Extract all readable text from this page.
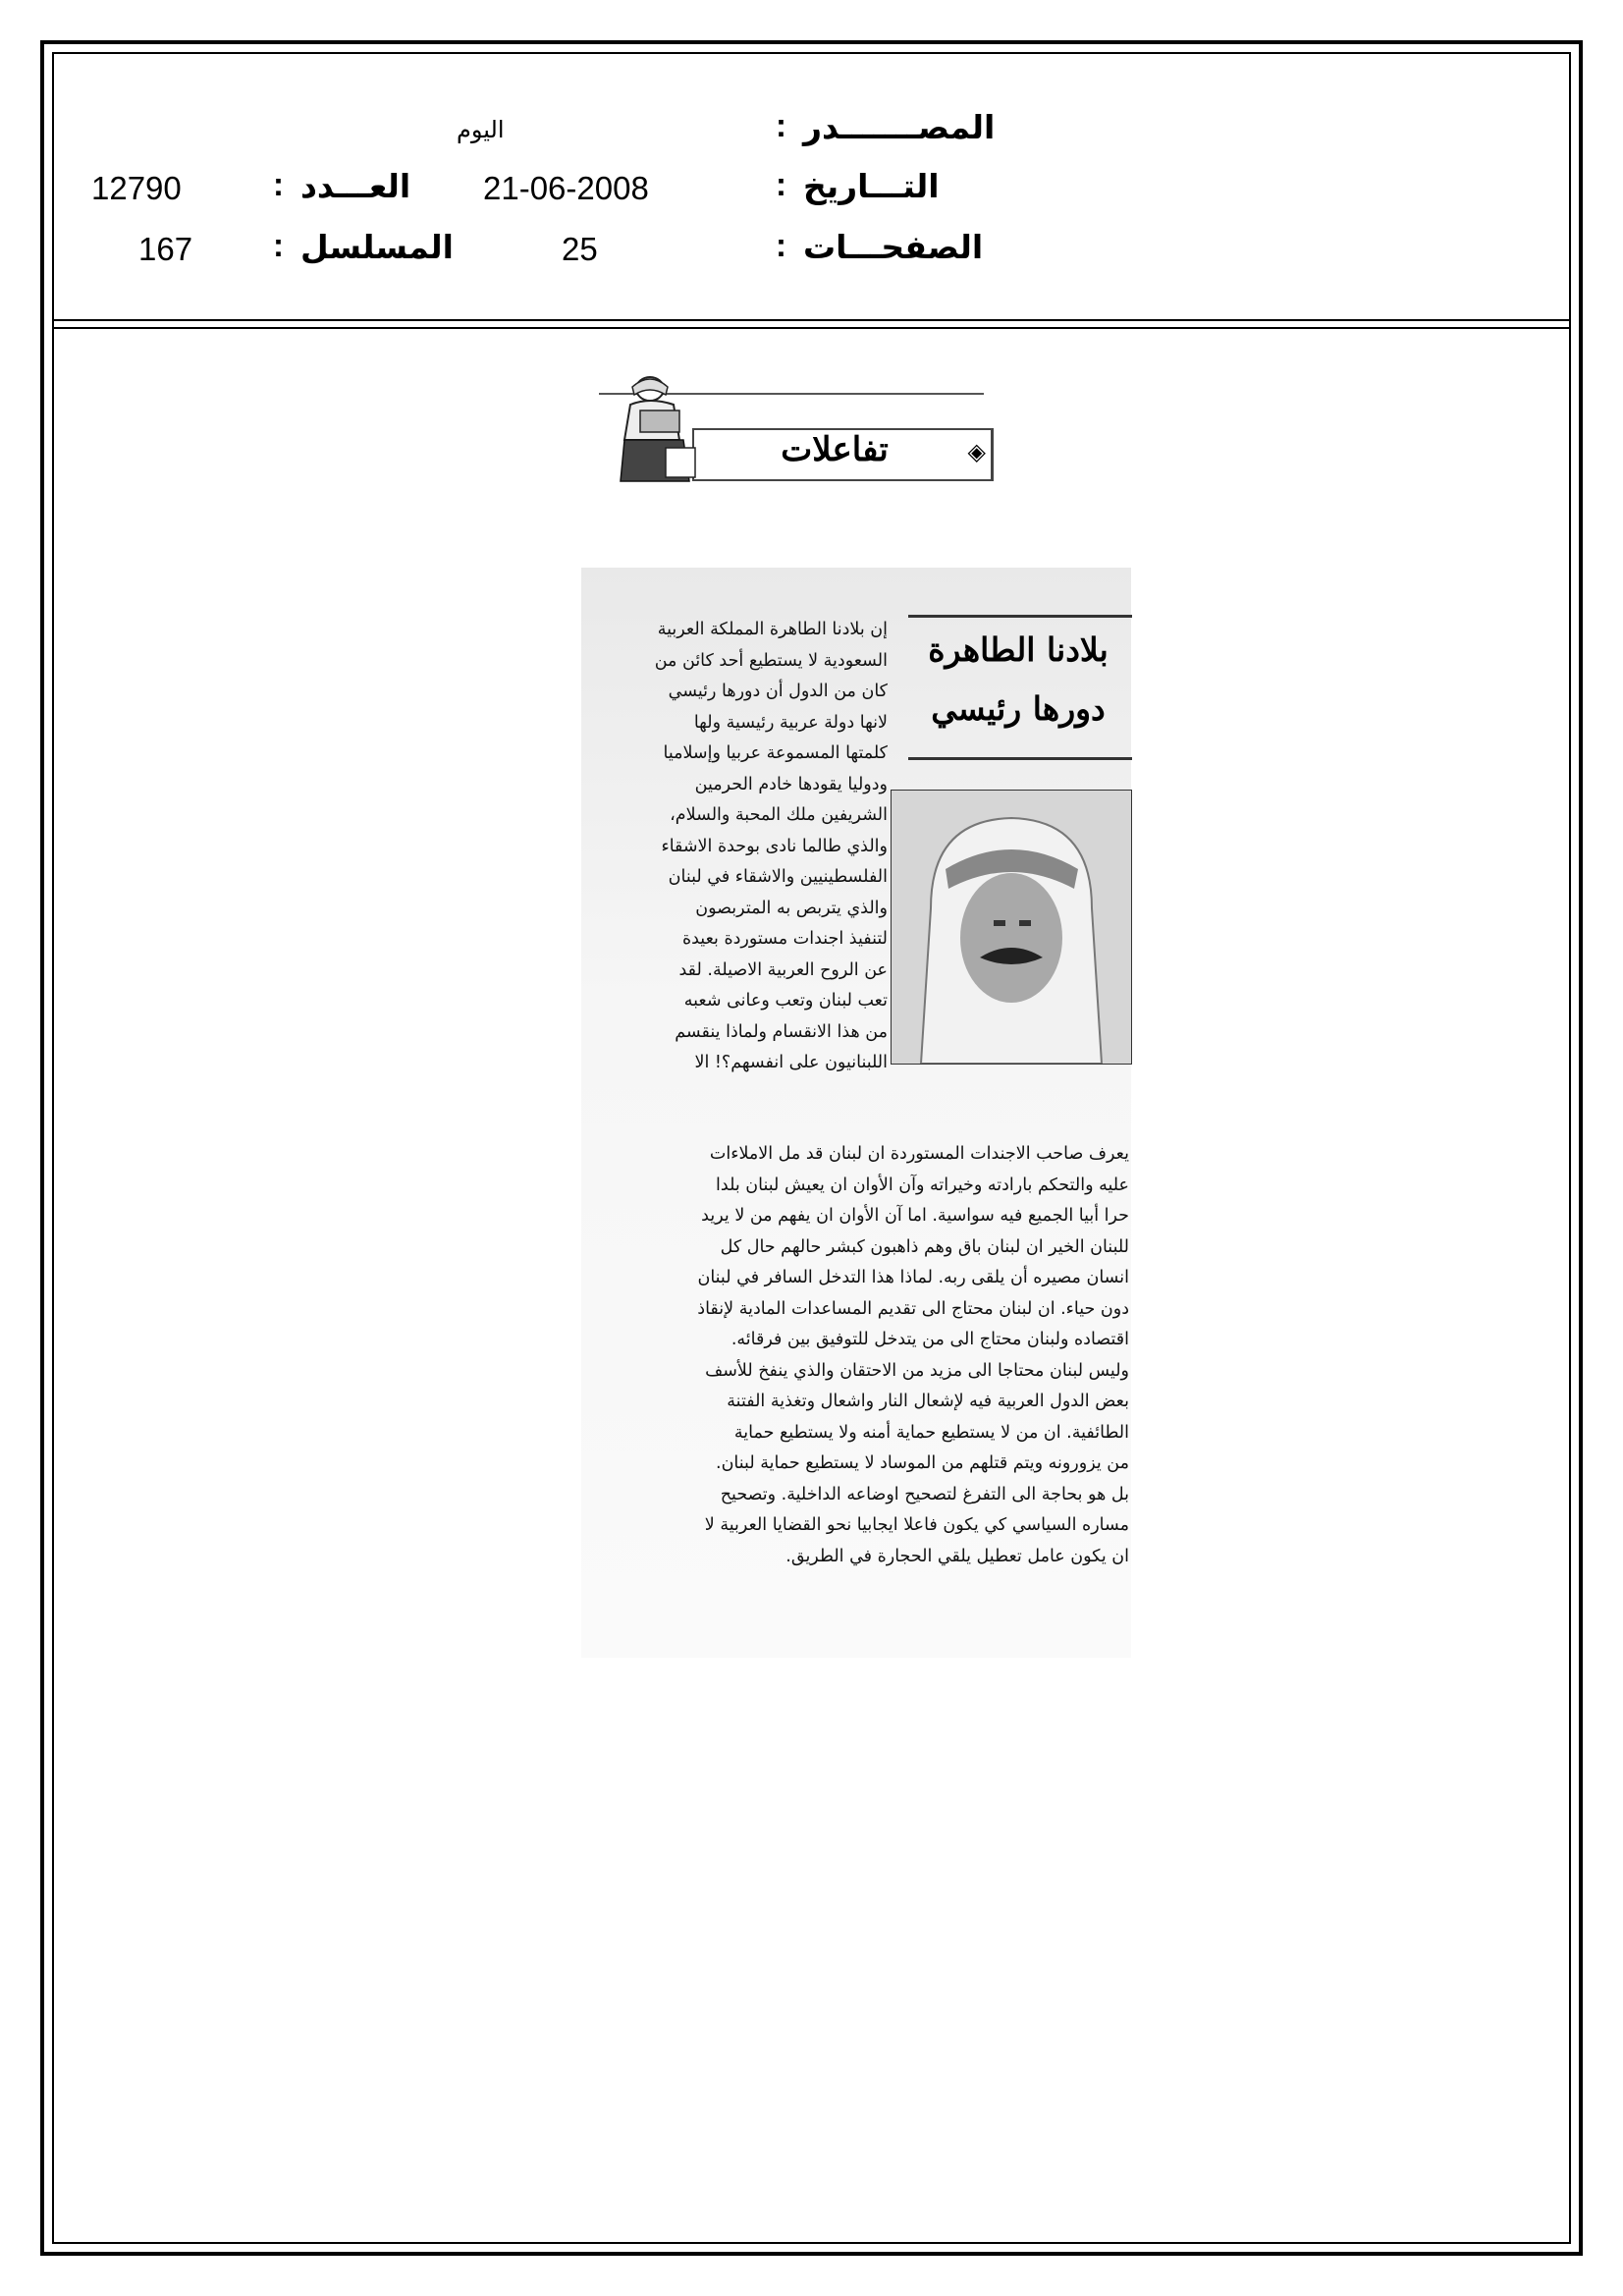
اليوم	المصـــــــدر
:
21-06-2008	التـــاريخ
:
25	الصفحـــات
:
12790	العـــدد
:
167	المسلسل
:
تفاعلات	◈
بلادنا الطاهرة
دورها رئيسي
إن بلادنا الطاهرة المملكة العربية
السعودية لا يستطيع أحد كائن من
كان من الدول أن دورها رئيسي
لانها دولة عربية رئيسية ولها
كلمتها المسموعة عربيا وإسلاميا
ودوليا يقودها خادم الحرمين
الشريفين ملك المحبة والسلام،
والذي طالما نادى بوحدة الاشقاء
الفلسطينيين والاشقاء في لبنان
والذي يتربص به المتربصون
لتنفيذ اجندات مستوردة بعيدة
عن الروح العربية الاصيلة. لقد
تعب لبنان وتعب وعانى شعبه
من هذا الانقسام ولماذا ينقسم
اللبنانيون على انفسهم؟! الا
يعرف صاحب الاجندات المستوردة ان لبنان قد مل الاملاءات
عليه والتحكم بارادته وخيراته وآن الأوان ان يعيش لبنان بلدا
حرا أبيا الجميع فيه سواسية. اما آن الأوان ان يفهم من لا يريد
للبنان الخير ان لبنان باق وهم ذاهبون كبشر حالهم حال كل
انسان مصيره أن يلقى ربه. لماذا هذا التدخل السافر في لبنان
دون حياء. ان لبنان محتاج الى تقديم المساعدات المادية لإنقاذ
اقتصاده ولبنان محتاج الى من يتدخل للتوفيق بين فرقائه.
وليس لبنان محتاجا الى مزيد من الاحتقان والذي ينفخ للأسف
بعض الدول العربية فيه لإشعال النار واشعال وتغذية الفتنة
الطائفية. ان من لا يستطيع حماية أمنه ولا يستطيع حماية
من يزورونه ويتم قتلهم من الموساد لا يستطيع حماية لبنان.
بل هو بحاجة الى التفرغ لتصحيح اوضاعه الداخلية. وتصحيح
مساره السياسي كي يكون فاعلا ايجابيا نحو القضايا العربية لا
ان يكون عامل تعطيل يلقي الحجارة في الطريق.
